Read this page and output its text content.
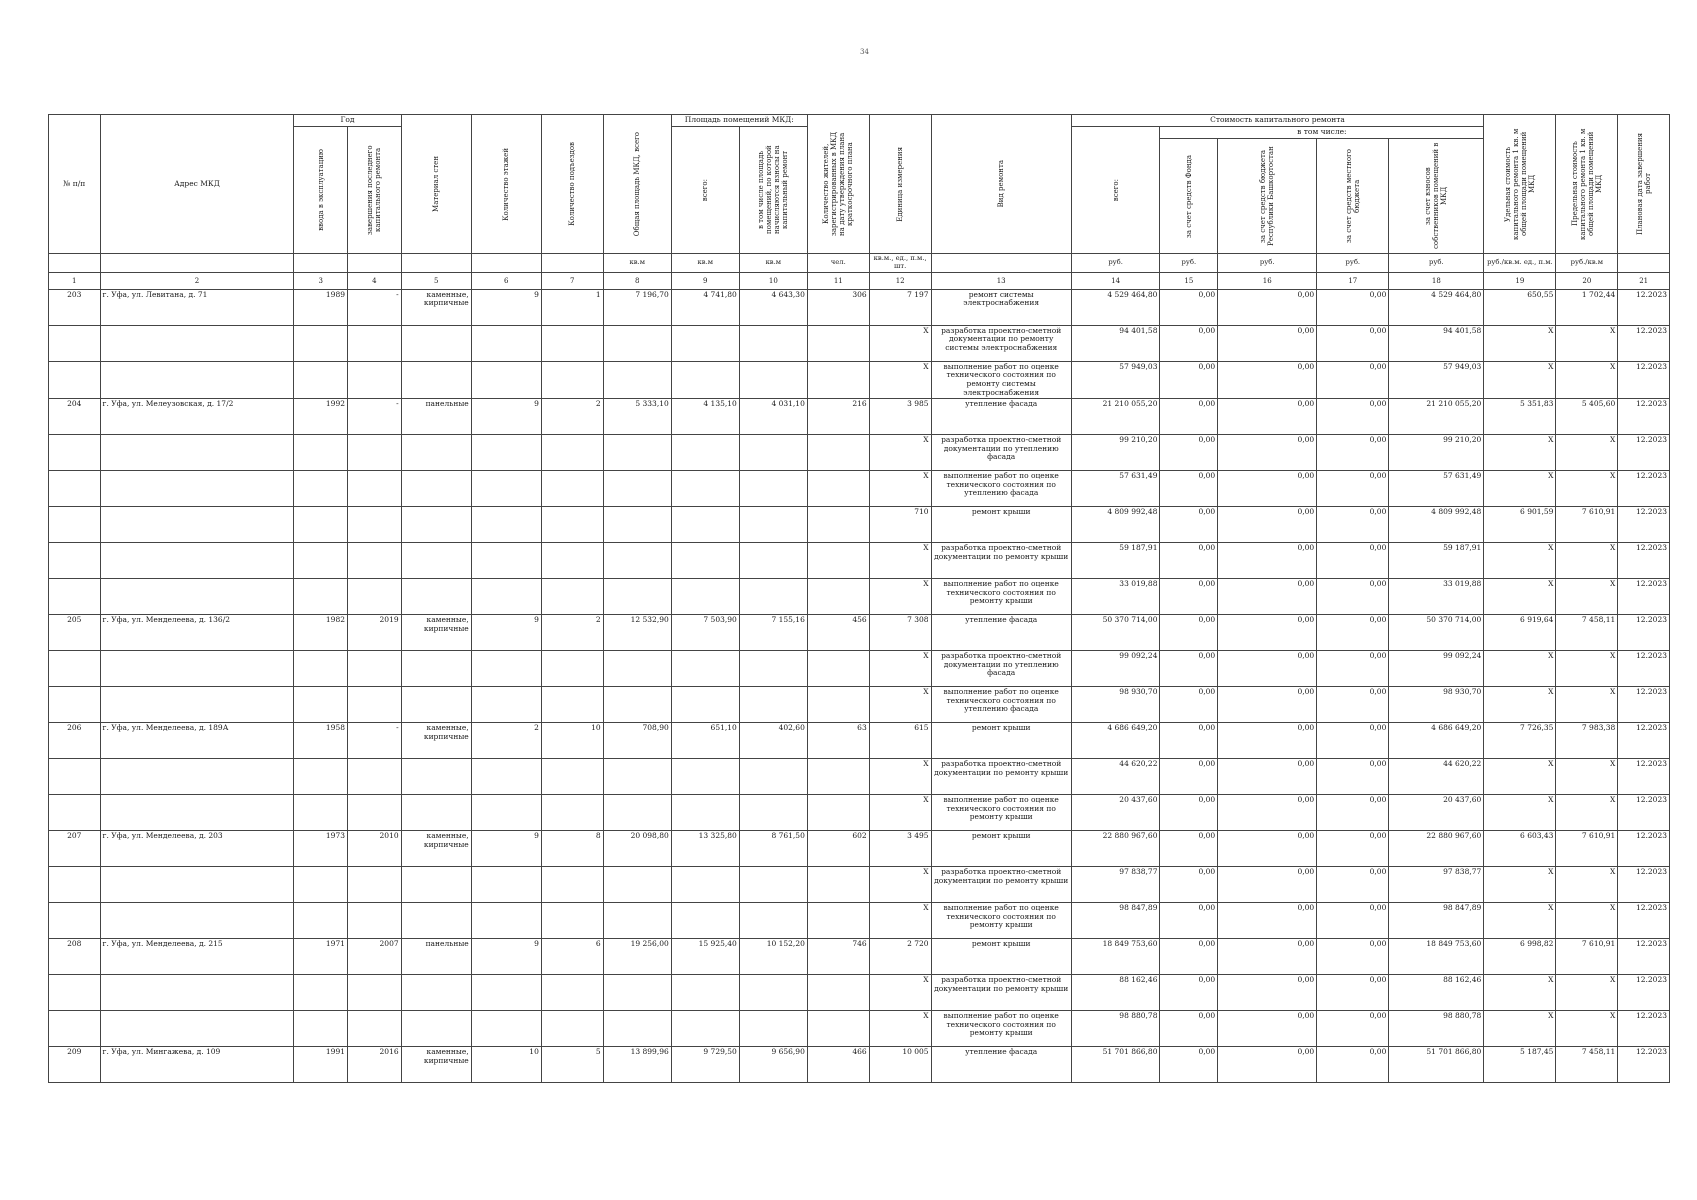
34
№ п/п	Адрес МКД	Год		Материал стен	Количество этажей	Количество подъездов	Общая площадь МКД, всего	Площадь помещений МКД:		Количество жителей, зарегистрированных в МКД на дату утверждения плана краткосрочного плана	Единица измерения	Вид ремонта	Стоимость капитального ремонта					Удельная стоимость капитального ремонта 1 кв. м общей площади помещений МКД	Предельная стоимость капитального ремонта 1 кв. м общей площади помещений МКД	Плановая дата завершения работ

		ввода в эксплуатацию	завершения последнего капитального ремонта					всего:	в том числе площадь помещений, по которой начисляются взносы на капитальный ремонт				всего:	в том числе:						

														за счет средств Фонда	за счет средств бюджета Республики Башкортостан	за счет средств местного бюджета	за счет взносов собственников помещений в МКД			

							кв.м	кв.м	кв.м	чел.	кв.м., ед., п.м., шт.		руб.	руб.	руб.	руб.	руб.	руб./кв.м. ед., п.м.	руб./кв.м	
1	2	3	4	5	6	7	8	9	10	11	12	13	14	15	16	17	18	19	20	21
203	г. Уфа, ул. Левитана, д. 71	1989	-	каменные, кирпичные	9	1	7 196,70	4 741,80	4 643,30	306	7 197	ремонт системы электроснабжения	4 529 464,80	0,00	0,00	0,00	4 529 464,80	650,55	1 702,44	12.2023
											X	разработка проектно-сметной документации по ремонту системы электроснабжения	94 401,58	0,00	0,00	0,00	94 401,58	X	X	12.2023
											X	выполнение работ по оценке технического состояния по ремонту системы электроснабжения	57 949,03	0,00	0,00	0,00	57 949,03	X	X	12.2023
204	г. Уфа, ул. Мелеузовская, д. 17/2	1992	-	панельные	9	2	5 333,10	4 135,10	4 031,10	216	3 985	утепление фасада	21 210 055,20	0,00	0,00	0,00	21 210 055,20	5 351,83	5 405,60	12.2023
											X	разработка проектно-сметной документации по утеплению фасада	99 210,20	0,00	0,00	0,00	99 210,20	X	X	12.2023
											X	выполнение работ по оценке технического состояния по утеплению фасада	57 631,49	0,00	0,00	0,00	57 631,49	X	X	12.2023
											710	ремонт крыши	4 809 992,48	0,00	0,00	0,00	4 809 992,48	6 901,59	7 610,91	12.2023
											X	разработка проектно-сметной документации по ремонту крыши	59 187,91	0,00	0,00	0,00	59 187,91	X	X	12.2023
											X	выполнение работ по оценке технического состояния по ремонту крыши	33 019,88	0,00	0,00	0,00	33 019,88	X	X	12.2023
205	г. Уфа, ул. Менделеева, д. 136/2	1982	2019	каменные, кирпичные	9	2	12 532,90	7 503,90	7 155,16	456	7 308	утепление фасада	50 370 714,00	0,00	0,00	0,00	50 370 714,00	6 919,64	7 458,11	12.2023
											X	разработка проектно-сметной документации по утеплению фасада	99 092,24	0,00	0,00	0,00	99 092,24	X	X	12.2023
											X	выполнение работ по оценке технического состояния по утеплению фасада	98 930,70	0,00	0,00	0,00	98 930,70	X	X	12.2023
206	г. Уфа, ул. Менделеева, д. 189А	1958	-	каменные, кирпичные	2	10	708,90	651,10	402,60	63	615	ремонт крыши	4 686 649,20	0,00	0,00	0,00	4 686 649,20	7 726,35	7 983,38	12.2023
											X	разработка проектно-сметной документации по ремонту крыши	44 620,22	0,00	0,00	0,00	44 620,22	X	X	12.2023
											X	выполнение работ по оценке технического состояния по ремонту крыши	20 437,60	0,00	0,00	0,00	20 437,60	X	X	12.2023
207	г. Уфа, ул. Менделеева, д. 203	1973	2010	каменные, кирпичные	9	8	20 098,80	13 325,80	8 761,50	602	3 495	ремонт крыши	22 880 967,60	0,00	0,00	0,00	22 880 967,60	6 603,43	7 610,91	12.2023
											X	разработка проектно-сметной документации по ремонту крыши	97 838,77	0,00	0,00	0,00	97 838,77	X	X	12.2023
											X	выполнение работ по оценке технического состояния по ремонту крыши	98 847,89	0,00	0,00	0,00	98 847,89	X	X	12.2023
208	г. Уфа, ул. Менделеева, д. 215	1971	2007	панельные	9	6	19 256,00	15 925,40	10 152,20	746	2 720	ремонт крыши	18 849 753,60	0,00	0,00	0,00	18 849 753,60	6 998,82	7 610,91	12.2023
											X	разработка проектно-сметной документации по ремонту крыши	88 162,46	0,00	0,00	0,00	88 162,46	X	X	12.2023
											X	выполнение работ по оценке технического состояния по ремонту крыши	98 880,78	0,00	0,00	0,00	98 880,78	X	X	12.2023
209	г. Уфа, ул. Мингажева, д. 109	1991	2016	каменные, кирпичные	10	5	13 899,96	9 729,50	9 656,90	466	10 005	утепление фасада	51 701 866,80	0,00	0,00	0,00	51 701 866,80	5 187,45	7 458,11	12.2023
